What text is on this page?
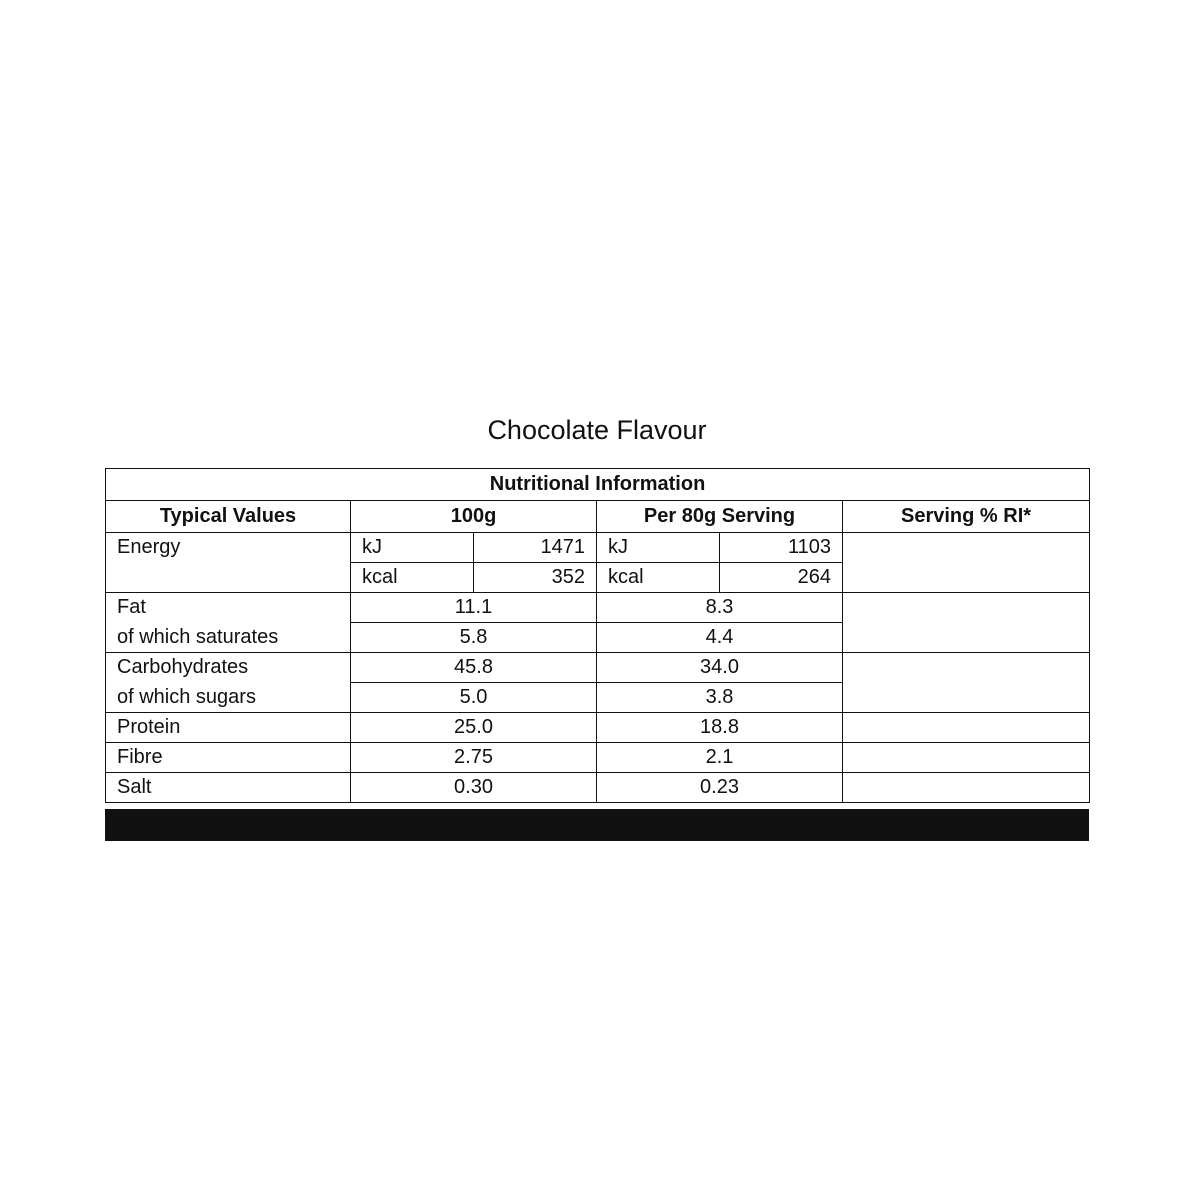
Chocolate Flavour
Nutritional Information					
Typical Values	100g		Per 80g Serving		Serving % RI*
Energy	kJ	1471	kJ	1103	
	kcal	352	kcal	264	
Fat	11.1		8.3		
of which saturates	5.8		4.4		
Carbohydrates	45.8		34.0		
of which sugars	5.0		3.8		
Protein	25.0		18.8		
Fibre	2.75		2.1		
Salt	0.30		0.23		
